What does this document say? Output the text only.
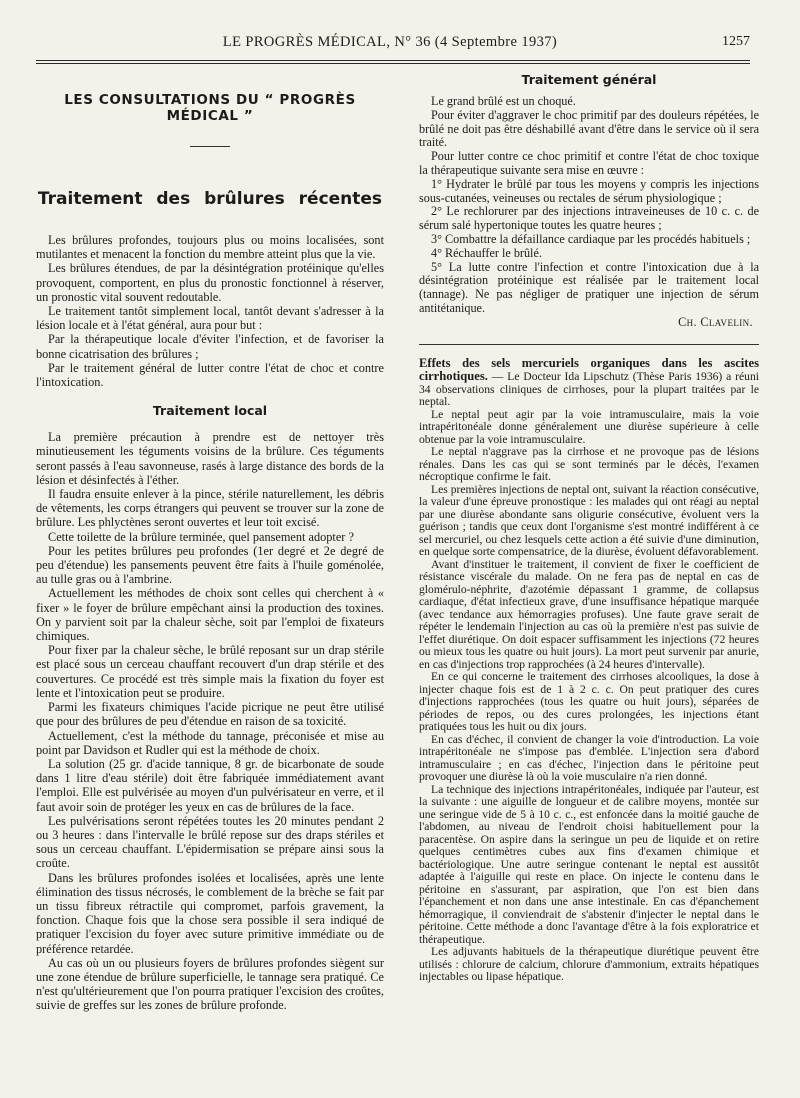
LE PROGRÈS MÉDICAL, N° 36 (4 Septembre 1937)	1257
LES CONSULTATIONS DU “ PROGRÈS MÉDICAL ”
Traitement des brûlures récentes

Les brûlures profondes, toujours plus ou moins localisées, sont mutilantes et menacent la fonction du membre atteint plus que la vie.

Les brûlures étendues, de par la désintégration protéinique qu'elles provoquent, comportent, en plus du pronostic fonctionnel à réserver, un pronostic vital souvent redoutable.

Le traitement tantôt simplement local, tantôt devant s'adresser à la lésion locale et à l'état général, aura pour but :

Par la thérapeutique locale d'éviter l'infection, et de favoriser la bonne cicatrisation des brûlures ;

Par le traitement général de lutter contre l'état de choc et contre l'intoxication.

Traitement local

La première précaution à prendre est de nettoyer très minutieusement les téguments voisins de la brûlure. Ces téguments seront passés à l'eau savonneuse, rasés à large distance des bords de la lésion et désinfectés à l'éther.

Il faudra ensuite enlever à la pince, stérile naturellement, les débris de vêtements, les corps étrangers qui peuvent se trouver sur la zone de brûlure. Les phlyctènes seront ouvertes et leur toit excisé.

Cette toilette de la brûlure terminée, quel pansement adopter ?

Pour les petites brûlures peu profondes (1er degré et 2e degré de peu d'étendue) les pansements peuvent être faits à l'huile goménolée, au tulle gras ou à l'ambrine.

Actuellement les méthodes de choix sont celles qui cherchent à « fixer » le foyer de brûlure empêchant ainsi la production des toxines. On y parvient soit par la chaleur sèche, soit par l'emploi de fixateurs chimiques.

Pour fixer par la chaleur sèche, le brûlé reposant sur un drap stérile est placé sous un cerceau chauffant recouvert d'un drap stérile et des couvertures. Ce procédé est très simple mais la fixation du foyer est lente et l'intoxication peut se produire.

Parmi les fixateurs chimiques l'acide picrique ne peut être utilisé que pour des brûlures de peu d'étendue en raison de sa toxicité.

Actuellement, c'est la méthode du tannage, préconisée et mise au point par Davidson et Rudler qui est la méthode de choix.

La solution (25 gr. d'acide tannique, 8 gr. de bicarbonate de soude dans 1 litre d'eau stérile) doit être fabriquée immédiatement avant l'emploi. Elle est pulvérisée au moyen d'un pulvérisateur en verre, et il faut avoir soin de protéger les yeux en cas de brûlures de la face.

Les pulvérisations seront répétées toutes les 20 minutes pendant 2 ou 3 heures : dans l'intervalle le brûlé repose sur des draps stériles et sous un cerceau chauffant. L'épidermisation se prépare ainsi sous la croûte.

Dans les brûlures profondes isolées et localisées, après une lente élimination des tissus nécrosés, le comblement de la brèche se fait par un tissu fibreux rétractile qui compromet, parfois gravement, la fonction. Chaque fois que la chose sera possible il sera indiqué de pratiquer l'excision du foyer avec suture primitive immédiate ou de préférence retardée.

Au cas où un ou plusieurs foyers de brûlures profondes siègent sur une zone étendue de brûlure superficielle, le tannage sera pratiqué. Ce n'est qu'ultérieurement que l'on pourra pratiquer l'excision des croûtes, suivie de greffes sur les zones de brûlure profonde.

Traitement général

Le grand brûlé est un choqué.

Pour éviter d'aggraver le choc primitif par des douleurs répétées, le brûlé ne doit pas être déshabillé avant d'être dans le service où il sera traité.

Pour lutter contre ce choc primitif et contre l'état de choc toxique la thérapeutique suivante sera mise en œuvre :

1° Hydrater le brûlé par tous les moyens y compris les injections sous-cutanées, veineuses ou rectales de sérum physiologique ;

2° Le rechlorurer par des injections intraveineuses de 10 c. c. de sérum salé hypertonique toutes les quatre heures ;

3° Combattre la défaillance cardiaque par les procédés habituels ;

4° Réchauffer le brûlé.

5° La lutte contre l'infection et contre l'intoxication due à la désintégration protéinique est réalisée par le traitement local (tannage). Ne pas négliger de pratiquer une injection de sérum antitétanique.

Ch. Clavelin.

Effets des sels mercuriels organiques dans les ascites cirrhotiques. — Le Docteur Ida Lipschutz (Thèse Paris 1936) a réuni 34 observations cliniques de cirrhoses, pour la plupart traitées par le neptal.

Le neptal peut agir par la voie intramusculaire, mais la voie intrapéritonéale donne généralement une diurèse supérieure à celle obtenue par la voie intramusculaire.

Le neptal n'aggrave pas la cirrhose et ne provoque pas de lésions rénales. Dans les cas qui se sont terminés par le décès, l'examen nécroptique confirme le fait.

Les premières injections de neptal ont, suivant la réaction consécutive, la valeur d'une épreuve pronostique : les malades qui ont réagi au neptal par une diurèse abondante sans oligurie consécutive, évoluent vers la guérison ; tandis que ceux dont l'organisme s'est montré indifférent à ce sel mercuriel, ou chez lesquels cette action a été suivie d'une diminution, en quelque sorte compensatrice, de la diurèse, évoluent défavorablement.

Avant d'instituer le traitement, il convient de fixer le coefficient de résistance viscérale du malade. On ne fera pas de neptal en cas de glomérulo-néphrite, d'azotémie dépassant 1 gramme, de collapsus cardiaque, d'état infectieux grave, d'une insuffisance hépatique marquée (avec tendance aux hémorragies profuses). Une faute grave serait de répéter le lendemain l'injection au cas où la première n'est pas suivie de l'effet diurétique. On doit espacer suffisamment les injections (72 heures ou mieux tous les quatre ou huit jours). La mort peut survenir par anurie, en cas d'injections trop rapprochées (à 24 heures d'intervalle).

En ce qui concerne le traitement des cirrhoses alcooliques, la dose à injecter chaque fois est de 1 à 2 c. c. On peut pratiquer des cures d'injections rapprochées (tous les quatre ou huit jours), séparées de périodes de repos, ou des cures prolongées, les injections étant pratiquées tous les huit ou dix jours.

En cas d'échec, il convient de changer la voie d'introduction. La voie intrapéritonéale ne s'impose pas d'emblée. L'injection sera d'abord intramusculaire ; en cas d'échec, l'injection dans le péritoine peut provoquer une diurèse là où la voie musculaire n'a rien donné.

La technique des injections intrapéritonéales, indiquée par l'auteur, est la suivante : une aiguille de longueur et de calibre moyens, montée sur une seringue vide de 5 à 10 c. c., est enfoncée dans la moitié gauche de l'abdomen, au niveau de l'endroit choisi habituellement pour la paracentèse. On aspire dans la seringue un peu de liquide et on retire quelques centimètres cubes aux fins d'examen chimique et bactériologique. Une autre seringue contenant le neptal est aussitôt adaptée à l'aiguille qui reste en place. On injecte le contenu dans le péritoine en s'assurant, par aspiration, que l'on est bien dans l'épanchement et non dans une anse intestinale. En cas d'épanchement hémorragique, il conviendrait de s'abstenir d'injecter le neptal dans le péritoine. Cette méthode a donc l'avantage d'être à la fois exploratrice et thérapeutique.

Les adjuvants habituels de la thérapeutique diurétique peuvent être utilisés : chlorure de calcium, chlorure d'ammonium, extraits hépatiques injectables ou lipase hépatique.
